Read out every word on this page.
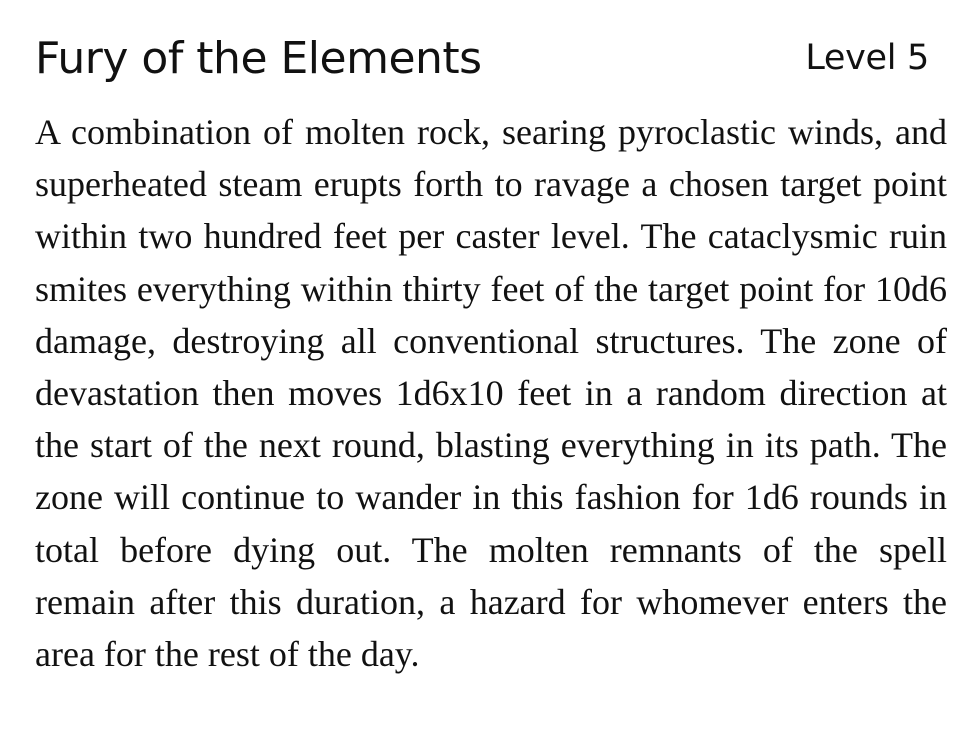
Fury of the Elements	Level 5

A combination of molten rock, searing pyroclastic winds, and superheated steam erupts forth to ravage a chosen target point within two hundred feet per caster level. The cataclysmic ruin smites everything within thirty feet of the target point for 10d6 damage, destroying all conventional structures. The zone of devastation then moves 1d6x10 feet in a random direction at the start of the next round, blasting everything in its path. The zone will continue to wander in this fashion for 1d6 rounds in total before dying out. The molten remnants of the spell remain after this duration, a hazard for whomever enters the area for the rest of the day.
